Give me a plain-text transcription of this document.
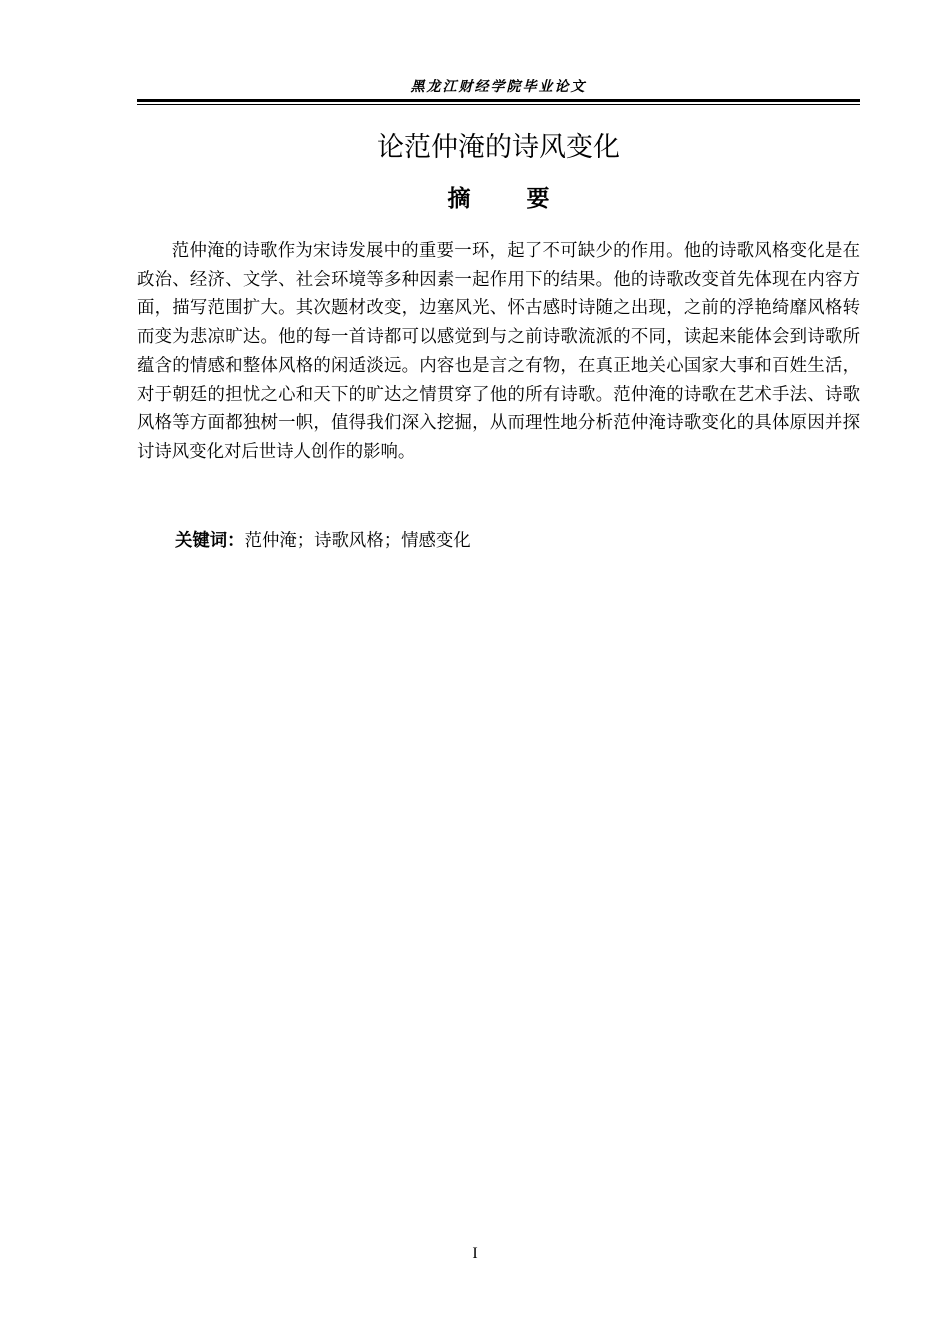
黑龙江财经学院毕业论文
论范仲淹的诗风变化
摘 要

范仲淹的诗歌作为宋诗发展中的重要一环，起了不可缺少的作用。他的诗歌风格变化是在政治、经济、文学、社会环境等多种因素一起作用下的结果。他的诗歌改变首先体现在内容方面，描写范围扩大。其次题材改变，边塞风光、怀古感时诗随之出现，之前的浮艳绮靡风格转而变为悲凉旷达。他的每一首诗都可以感觉到与之前诗歌流派的不同，读起来能体会到诗歌所蕴含的情感和整体风格的闲适淡远。内容也是言之有物，在真正地关心国家大事和百姓生活，对于朝廷的担忧之心和天下的旷达之情贯穿了他的所有诗歌。范仲淹的诗歌在艺术手法、诗歌风格等方面都独树一帜，值得我们深入挖掘，从而理性地分析范仲淹诗歌变化的具体原因并探讨诗风变化对后世诗人创作的影响。

关键词：范仲淹；诗歌风格；情感变化
I
